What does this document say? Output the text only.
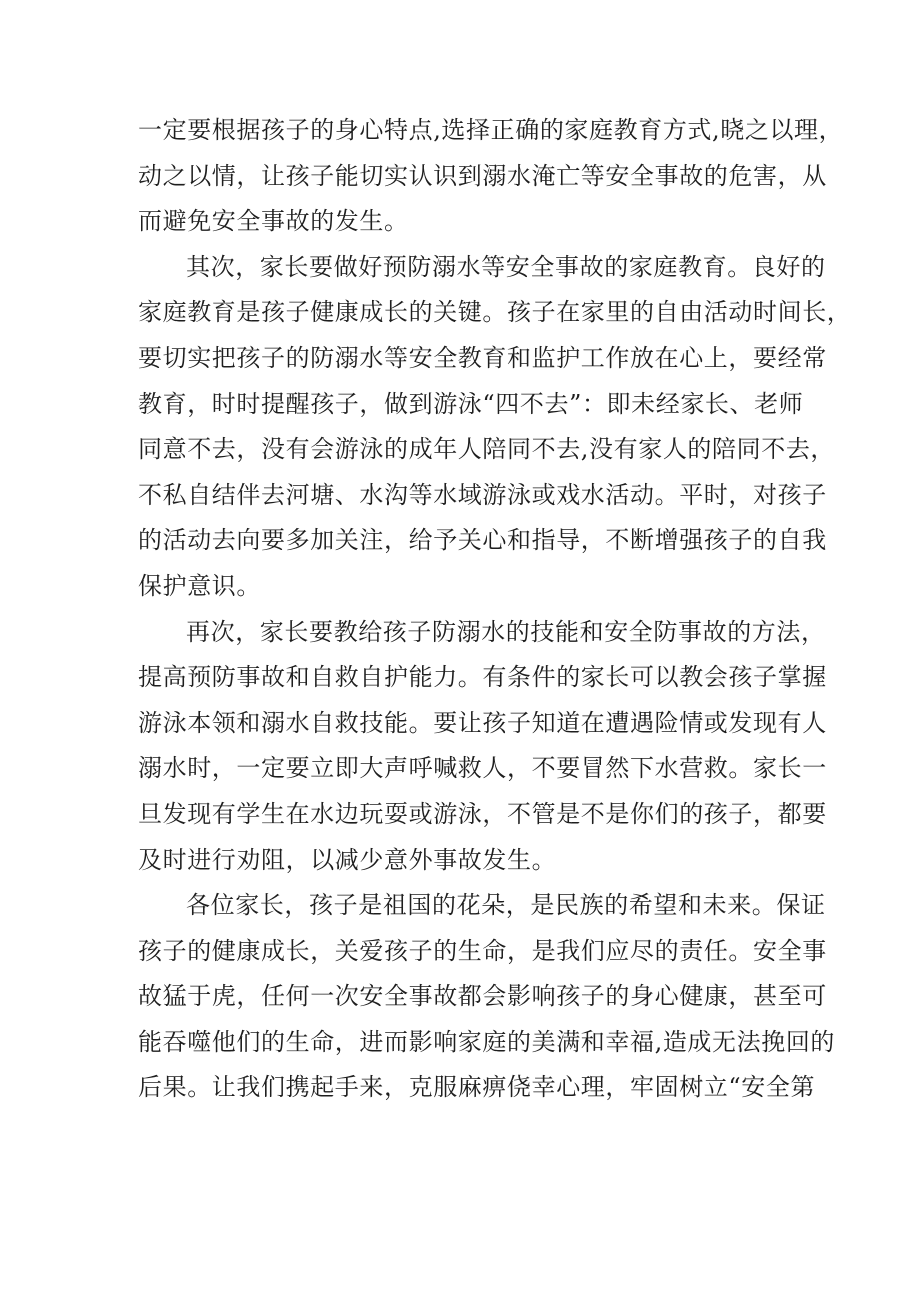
一定要根据孩子的身心特点,选择正确的家庭教育方式,晓之以理，
动之以情，让孩子能切实认识到溺水淹亡等安全事故的危害，从
而避免安全事故的发生。
其次，家长要做好预防溺水等安全事故的家庭教育。良好的
家庭教育是孩子健康成长的关键。孩子在家里的自由活动时间长，
要切实把孩子的防溺水等安全教育和监护工作放在心上，要经常
教育，时时提醒孩子，做到游泳“四不去”：即未经家长、老师
同意不去，没有会游泳的成年人陪同不去,没有家人的陪同不去，
不私自结伴去河塘、水沟等水域游泳或戏水活动。平时，对孩子
的活动去向要多加关注，给予关心和指导，不断增强孩子的自我
保护意识。
再次，家长要教给孩子防溺水的技能和安全防事故的方法，
提高预防事故和自救自护能力。有条件的家长可以教会孩子掌握
游泳本领和溺水自救技能。要让孩子知道在遭遇险情或发现有人
溺水时，一定要立即大声呼喊救人，不要冒然下水营救。家长一
旦发现有学生在水边玩耍或游泳，不管是不是你们的孩子，都要
及时进行劝阻，以减少意外事故发生。
各位家长，孩子是祖国的花朵，是民族的希望和未来。保证
孩子的健康成长，关爱孩子的生命，是我们应尽的责任。安全事
故猛于虎，任何一次安全事故都会影响孩子的身心健康，甚至可
能吞噬他们的生命，进而影响家庭的美满和幸福,造成无法挽回的
后果。让我们携起手来，克服麻痹侥幸心理，牢固树立“安全第
